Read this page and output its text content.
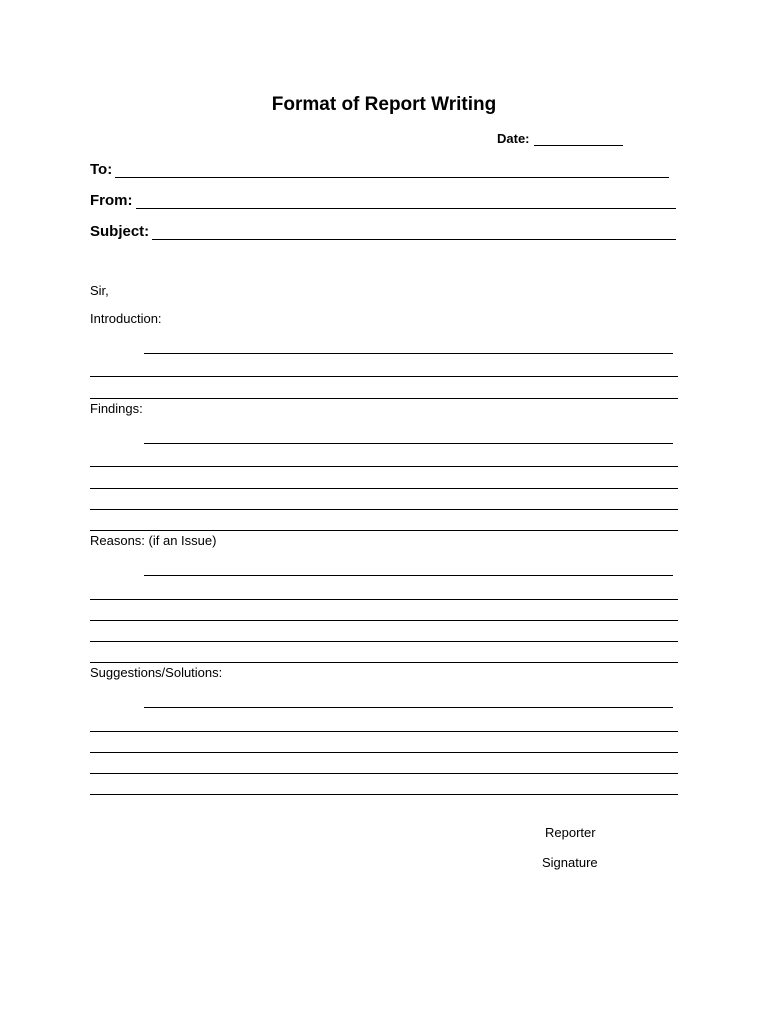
Format of Report Writing
Date:
To:
From:
Subject:
Sir,
Introduction:
Findings:
Reasons: (if an Issue)
Suggestions/Solutions:
Reporter
Signature
